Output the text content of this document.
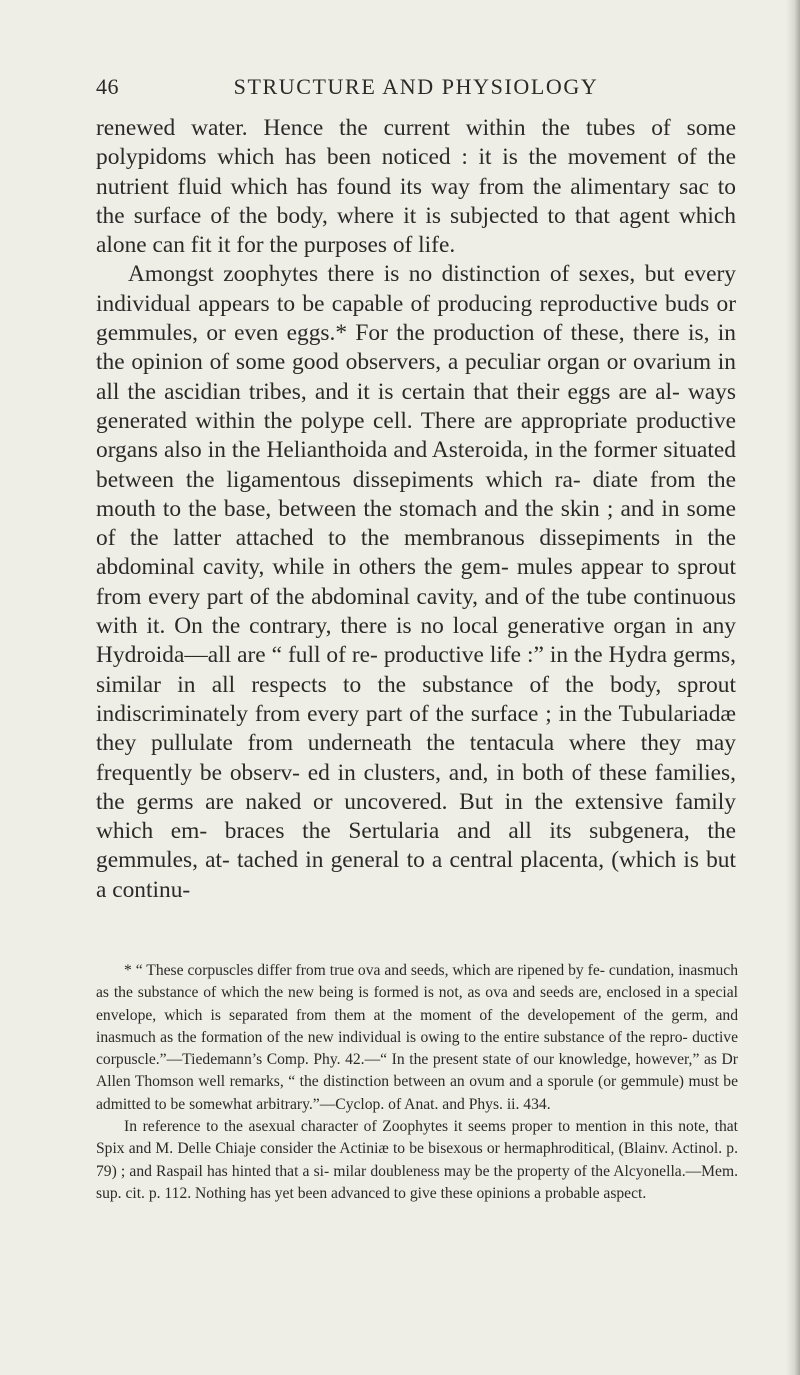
46	STRUCTURE AND PHYSIOLOGY

renewed water. Hence the current within the tubes of some polypidoms which has been noticed : it is the movement of the nutrient fluid which has found its way from the alimentary sac to the surface of the body, where it is subjected to that agent which alone can fit it for the purposes of life.

Amongst zoophytes there is no distinction of sexes, but every individual appears to be capable of producing reproductive buds or gemmules, or even eggs.* For the production of these, there is, in the opinion of some good observers, a peculiar organ or ovarium in all the ascidian tribes, and it is certain that their eggs are al- ways generated within the polype cell. There are appropriate productive organs also in the Helianthoida and Asteroida, in the former situated between the ligamentous dissepiments which ra- diate from the mouth to the base, between the stomach and the skin ; and in some of the latter attached to the membranous dissepiments in the abdominal cavity, while in others the gem- mules appear to sprout from every part of the abdominal cavity, and of the tube continuous with it. On the contrary, there is no local generative organ in any Hydroida—all are “ full of re- productive life :” in the Hydra germs, similar in all respects to the substance of the body, sprout indiscriminately from every part of the surface ; in the Tubulariadæ they pullulate from underneath the tentacula where they may frequently be observ- ed in clusters, and, in both of these families, the germs are naked or uncovered. But in the extensive family which em- braces the Sertularia and all its subgenera, the gemmules, at- tached in general to a central placenta, (which is but a continu-

* “ These corpuscles differ from true ova and seeds, which are ripened by fe- cundation, inasmuch as the substance of which the new being is formed is not, as ova and seeds are, enclosed in a special envelope, which is separated from them at the moment of the developement of the germ, and inasmuch as the formation of the new individual is owing to the entire substance of the repro- ductive corpuscle.”—Tiedemann’s Comp. Phy. 42.—“ In the present state of our knowledge, however,” as Dr Allen Thomson well remarks, “ the distinction between an ovum and a sporule (or gemmule) must be admitted to be somewhat arbitrary.”—Cyclop. of Anat. and Phys. ii. 434.

In reference to the asexual character of Zoophytes it seems proper to mention in this note, that Spix and M. Delle Chiaje consider the Actiniæ to be bisexous or hermaphroditical, (Blainv. Actinol. p. 79) ; and Raspail has hinted that a si- milar doubleness may be the property of the Alcyonella.—Mem. sup. cit. p. 112. Nothing has yet been advanced to give these opinions a probable aspect.
